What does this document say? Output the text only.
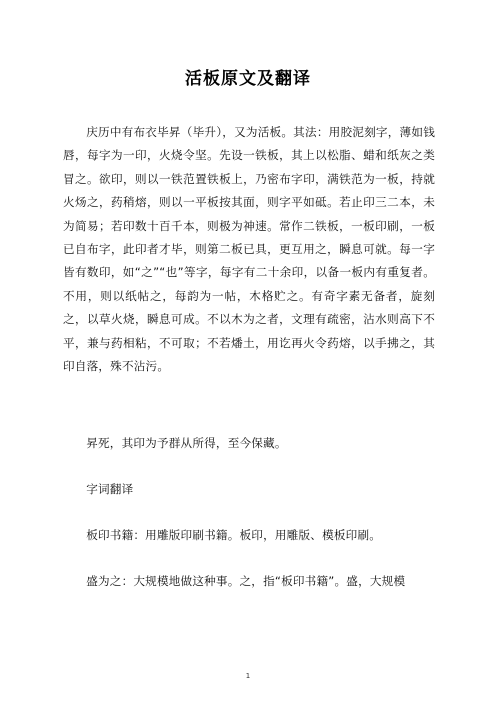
活板原文及翻译

庆历中有布衣毕昇（毕升），又为活板。其法：用胶泥刻字，薄如钱唇，每字为一印，火烧令坚。先设一铁板，其上以松脂、蜡和纸灰之类冒之。欲印，则以一铁范置铁板上，乃密布字印，满铁范为一板，持就火炀之，药稍熔，则以一平板按其面，则字平如砥。若止印三二本，未为简易；若印数十百千本，则极为神速。常作二铁板，一板印刷，一板已自布字，此印者才毕，则第二板已具，更互用之，瞬息可就。每一字皆有数印，如“之”“也”等字，每字有二十余印，以备一板内有重复者。不用，则以纸帖之，每韵为一帖，木格贮之。有奇字素无备者，旋刻之，以草火烧，瞬息可成。不以木为之者，文理有疏密，沾水则高下不平，兼与药相粘，不可取；不若燔土，用讫再火令药熔，以手拂之，其印自落，殊不沾污。

昇死，其印为予群从所得，至今保藏。

字词翻译

板印书籍：用雕版印刷书籍。板印，用雕版、模板印刷。

盛为之：大规模地做这种事。之，指“板印书籍”。盛，大规模

1
